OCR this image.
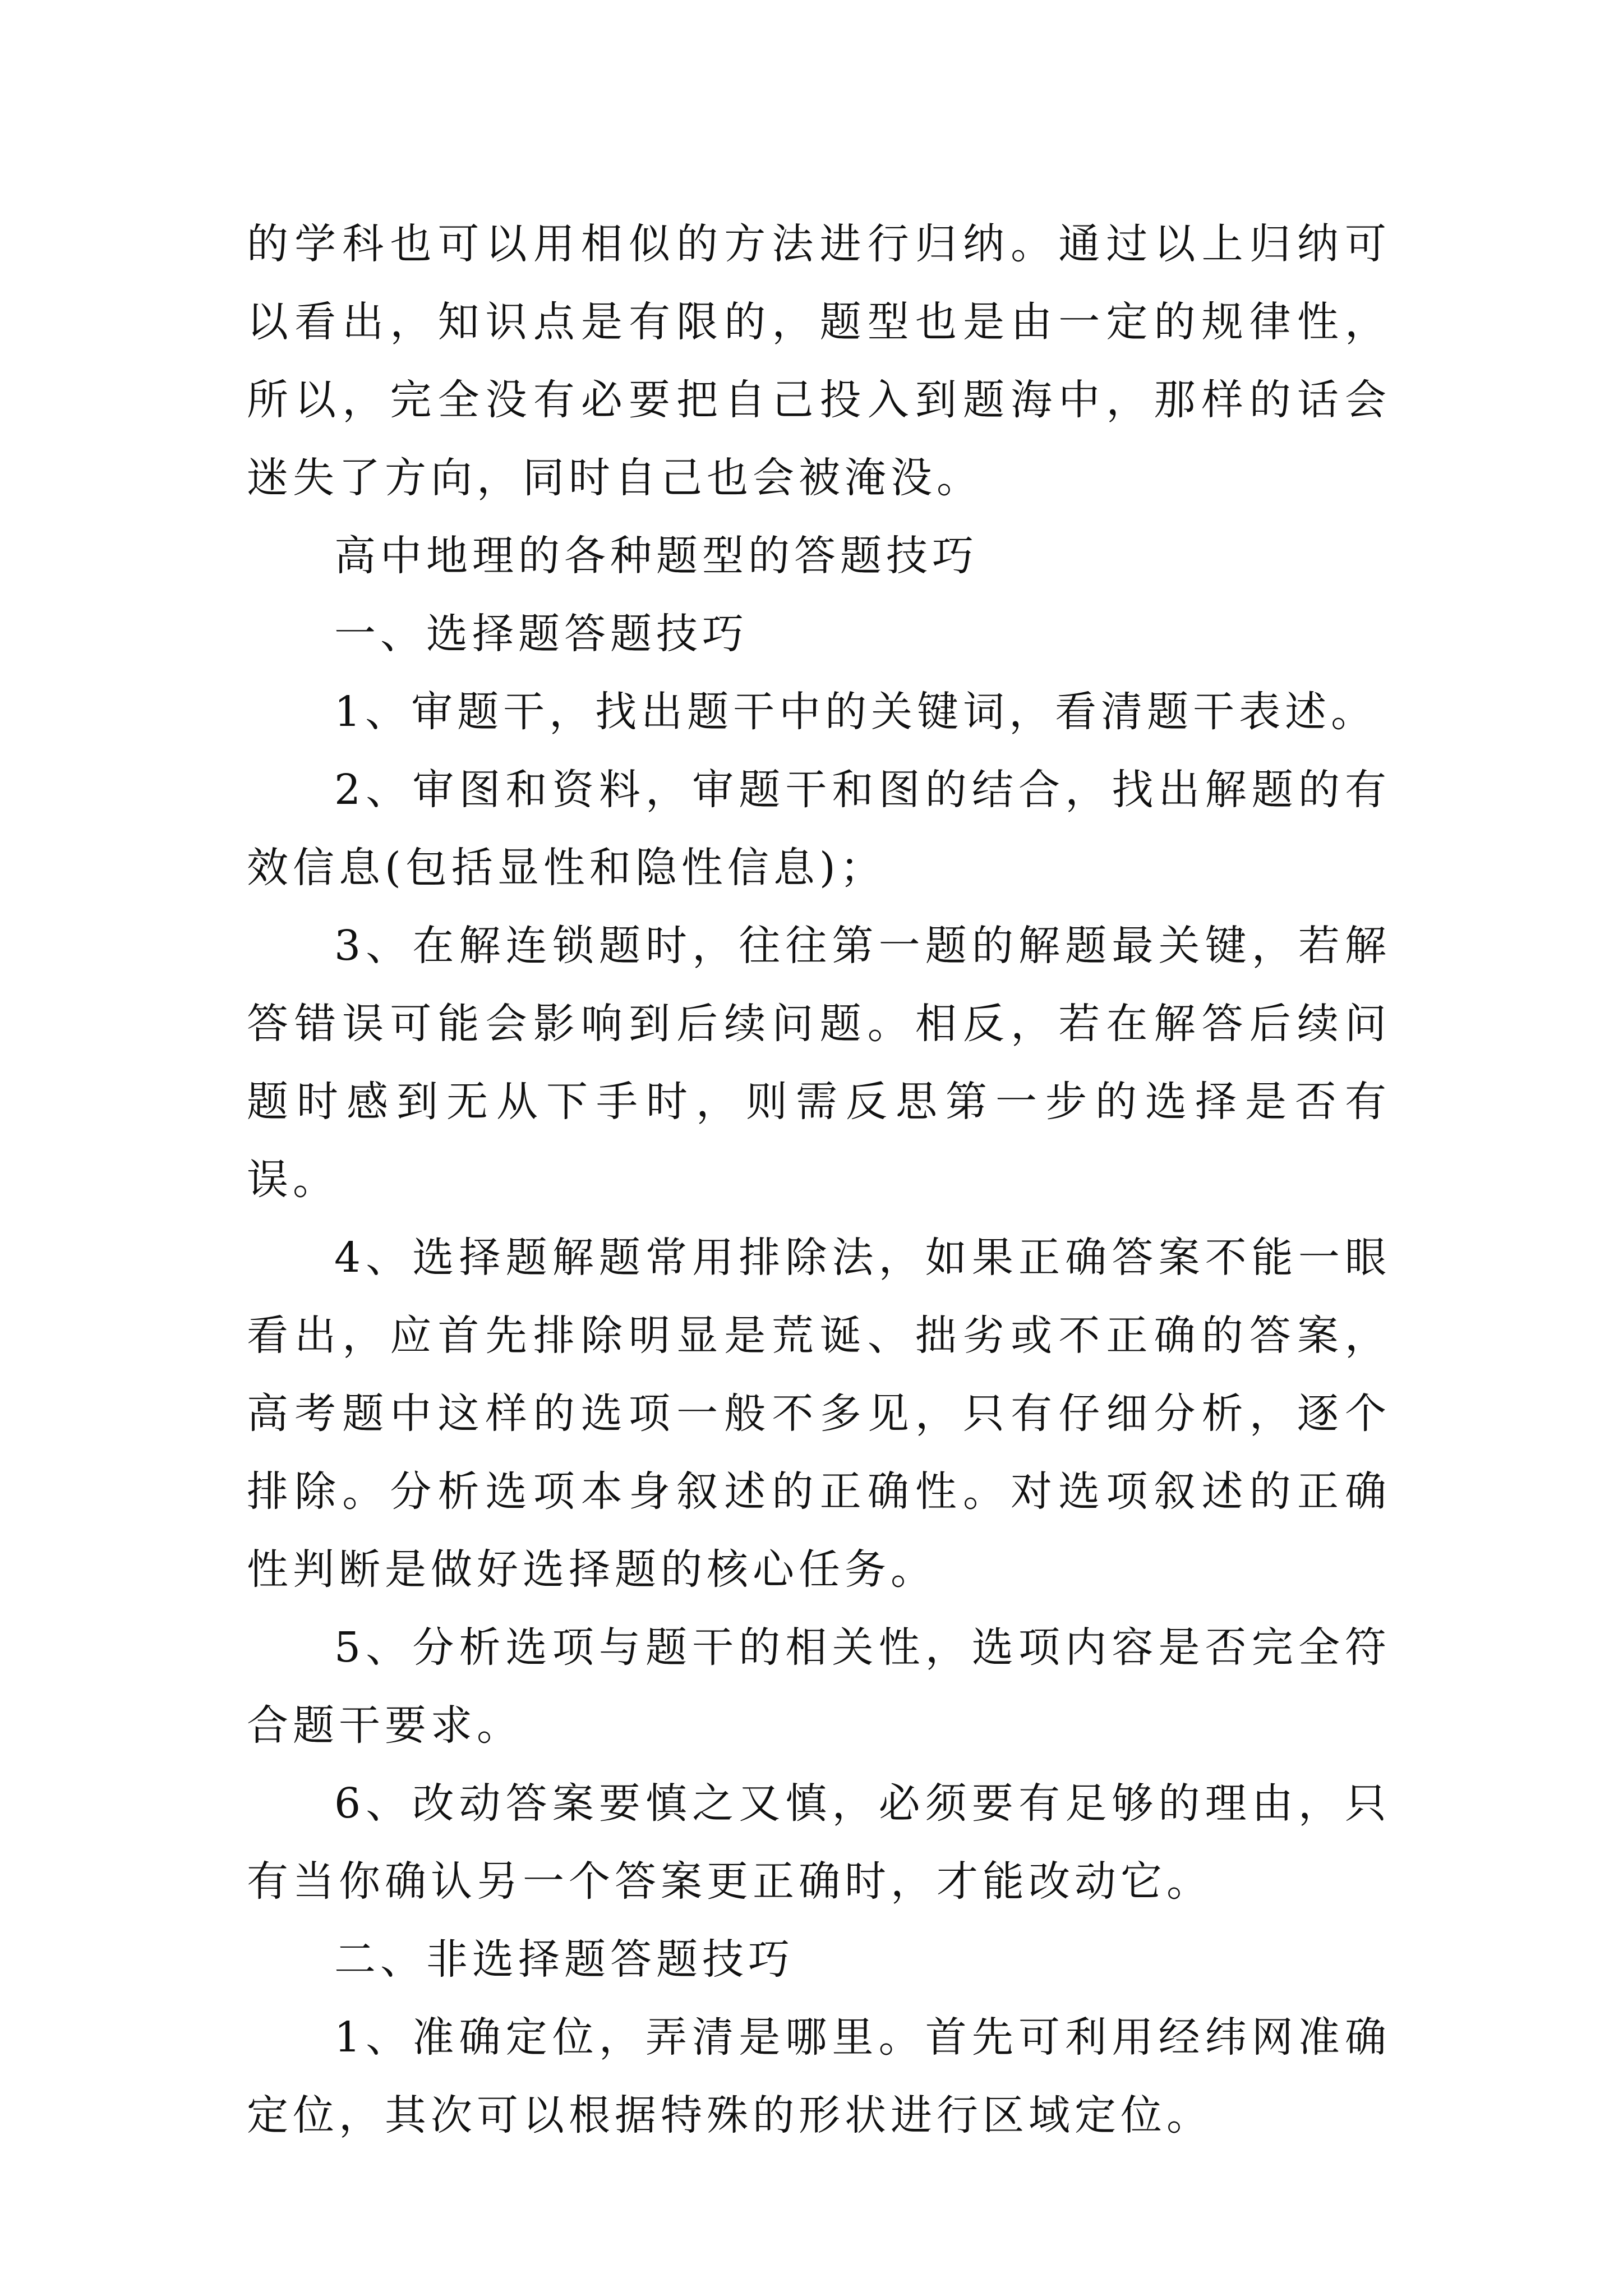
的学科也可以用相似的方法进行归纳。通过以上归纳可以看出，知识点是有限的，题型也是由一定的规律性，所以，完全没有必要把自己投入到题海中，那样的话会迷失了方向，同时自己也会被淹没。

高中地理的各种题型的答题技巧

一、选择题答题技巧

1、审题干，找出题干中的关键词，看清题干表述。

2、审图和资料，审题干和图的结合，找出解题的有效信息(包括显性和隐性信息)；

3、在解连锁题时，往往第一题的解题最关键，若解答错误可能会影响到后续问题。相反，若在解答后续问题时感到无从下手时，则需反思第一步的选择是否有误。

4、选择题解题常用排除法，如果正确答案不能一眼看出，应首先排除明显是荒诞、拙劣或不正确的答案，高考题中这样的选项一般不多见，只有仔细分析，逐个排除。分析选项本身叙述的正确性。对选项叙述的正确性判断是做好选择题的核心任务。

5、分析选项与题干的相关性，选项内容是否完全符合题干要求。

6、改动答案要慎之又慎，必须要有足够的理由，只有当你确认另一个答案更正确时，才能改动它。

二、非选择题答题技巧

1、准确定位，弄清是哪里。首先可利用经纬网准确定位，其次可以根据特殊的形状进行区域定位。
